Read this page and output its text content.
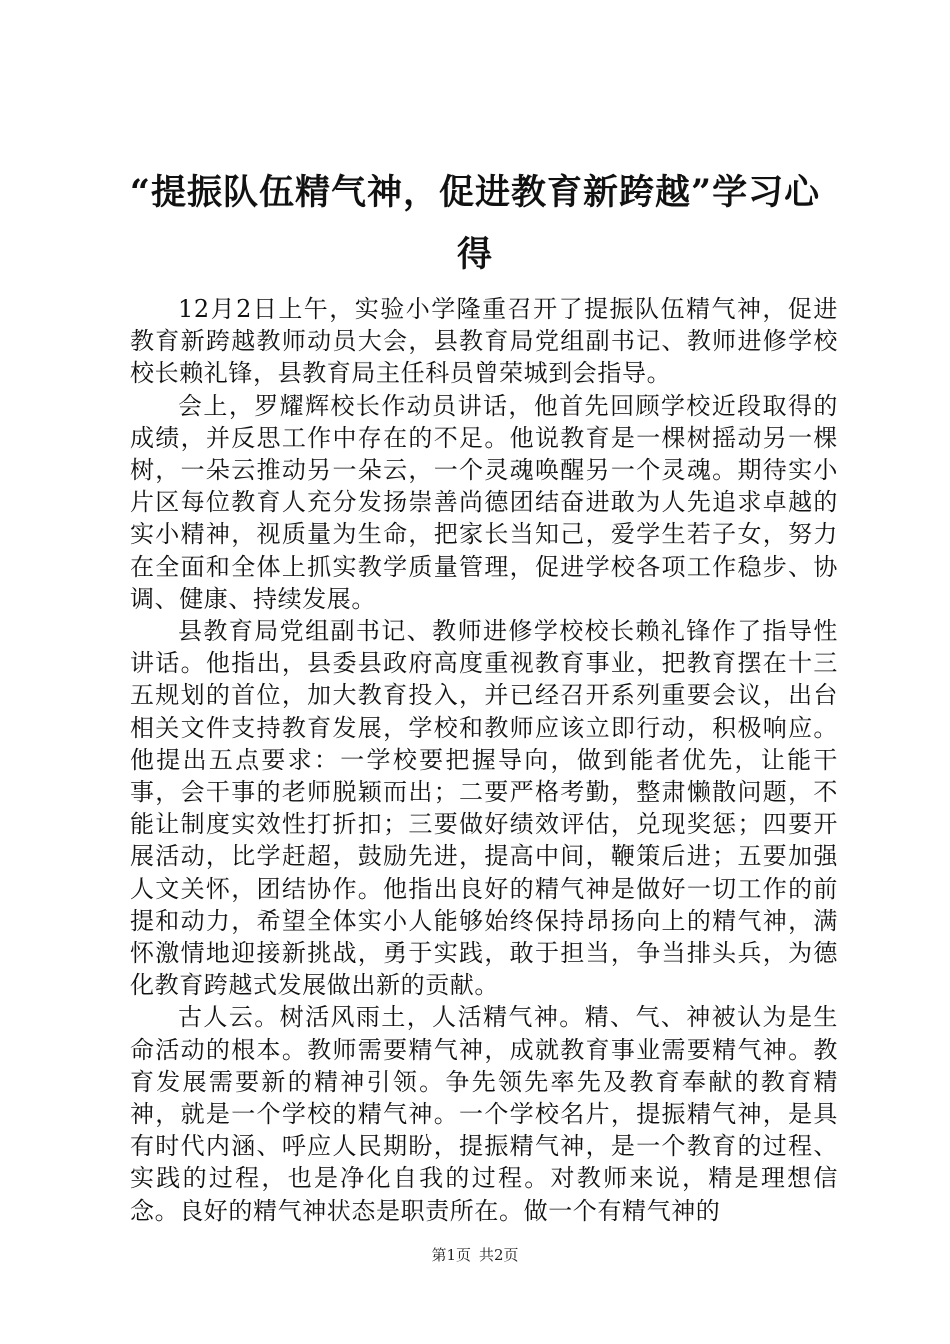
“提振队伍精气神，促进教育新跨越”学习心得

12月2日上午，实验小学隆重召开了提振队伍精气神，促进教育新跨越教师动员大会，县教育局党组副书记、教师进修学校校长赖礼锋，县教育局主任科员曾荣城到会指导。

会上，罗耀辉校长作动员讲话，他首先回顾学校近段取得的成绩，并反思工作中存在的不足。他说教育是一棵树摇动另一棵树，一朵云推动另一朵云，一个灵魂唤醒另一个灵魂。期待实小片区每位教育人充分发扬崇善尚德团结奋进敢为人先追求卓越的实小精神，视质量为生命，把家长当知己，爱学生若子女，努力在全面和全体上抓实教学质量管理，促进学校各项工作稳步、协调、健康、持续发展。

县教育局党组副书记、教师进修学校校长赖礼锋作了指导性讲话。他指出，县委县政府高度重视教育事业，把教育摆在十三五规划的首位，加大教育投入，并已经召开系列重要会议，出台相关文件支持教育发展，学校和教师应该立即行动，积极响应。他提出五点要求：一学校要把握导向，做到能者优先，让能干事，会干事的老师脱颖而出；二要严格考勤，整肃懒散问题，不能让制度实效性打折扣；三要做好绩效评估，兑现奖惩；四要开展活动，比学赶超，鼓励先进，提高中间，鞭策后进；五要加强人文关怀，团结协作。他指出良好的精气神是做好一切工作的前提和动力，希望全体实小人能够始终保持昂扬向上的精气神，满怀激情地迎接新挑战，勇于实践，敢于担当，争当排头兵，为德化教育跨越式发展做出新的贡献。

古人云。树活风雨土，人活精气神。精、气、神被认为是生命活动的根本。教师需要精气神，成就教育事业需要精气神。教育发展需要新的精神引领。争先领先率先及教育奉献的教育精神，就是一个学校的精气神。一个学校名片，提振精气神，是具有时代内涵、呼应人民期盼，提振精气神，是一个教育的过程、实践的过程，也是净化自我的过程。对教师来说，精是理想信念。良好的精气神状态是职责所在。做一个有精气神的

第1页 共2页
